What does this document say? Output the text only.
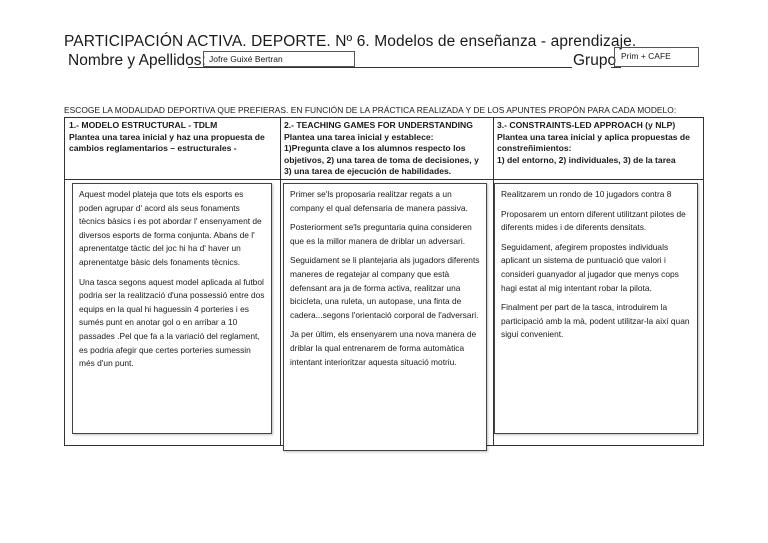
PARTICIPACIÓN ACTIVA. DEPORTE. Nº 6. Modelos de enseñanza - aprendizaje.
Nombre y Apellidos: Jofre Guixé Bertran	Grupo Prim + CAFE
ESCOGE LA MODALIDAD DEPORTIVA QUE PREFIERAS. EN FUNCIÓN DE LA PRÁCTICA REALIZADA Y DE LOS APUNTES PROPÓN PARA CADA MODELO:
1.- MODELO ESTRUCTURAL - TDLM
Plantea una tarea inicial y haz una propuesta de
cambios reglamentarios – estructurales -
2.- TEACHING GAMES FOR UNDERSTANDING
Plantea una tarea inicial y establece:
1)Pregunta clave a los alumnos respecto los
objetivos, 2) una tarea de toma de decisiones, y
3) una tarea de ejecución de habilidades.
3.- CONSTRAINTS-LED APPROACH (y NLP)
Plantea una tarea inicial y aplica propuestas de
constreñimientos:
1) del entorno, 2) individuales, 3) de la tarea

Aquest model plateja que tots els esports es poden agrupar d' acord als seus fonaments tècnics bàsics i es pot abordar l' ensenyament de diversos esports de forma conjunta. Abans de l' aprenentatge tàctic del joc hi ha d' haver un aprenentatge bàsic dels fonaments tècnics.

Una tasca segons aquest model aplicada al futbol podria ser la realització d'una possessió entre dos equips en la qual hi haguessin 4 porteries i es sumés punt en anotar gol o en arribar a 10 passades .Pel que fa a la variació del reglament, es podria afegir que certes porteries sumessin més d'un punt.

Primer se'ls proposaria realitzar regats a un company el qual defensaria de manera passiva.

Posteriorment se'ls preguntaria quina consideren que es la millor manera de driblar un adversari.

Seguidament se li plantejaria als jugadors diferents maneres de regatejar al company que està defensant ara ja de forma activa, realitzar una bicicleta, una ruleta, un autopase, una finta de cadera...segons l'orientació corporal de l'adversari.

Ja per últim, els ensenyarem una nova manera de driblar la qual entrenarem de forma automàtica intentant interioritzar aquesta situació motriu.

Realitzarem un rondo de 10 jugadors contra 8

Proposarem un entorn diferent utilitzant pilotes de diferents mides i de diferents densitats.

Seguidament, afegirem propostes individuals aplicant un sistema de puntuació que valori i consideri guanyador al jugador que menys cops hagi estat al mig intentant robar la pilota.

Finalment per part de la tasca, introduirem la participació amb la mà, podent utilitzar-la així quan sigui convenient.
